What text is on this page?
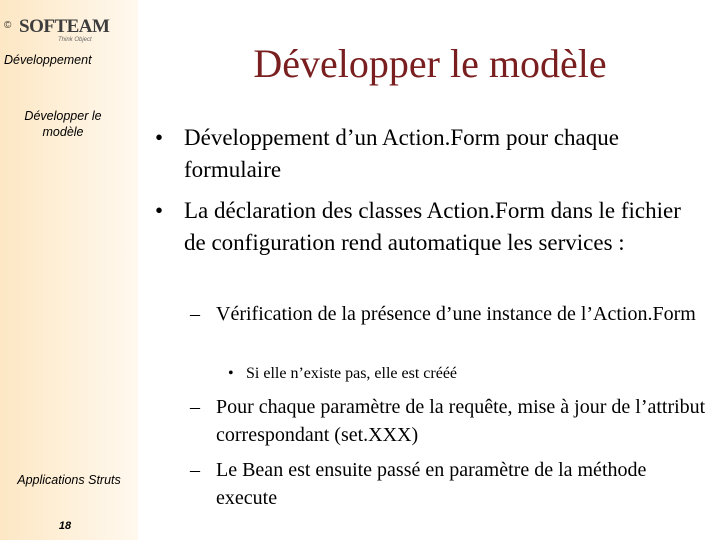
© SOFTEAM
Think Object
Développement
Développer le modèle
Applications Struts
18
Développer le modèle
• Développement d’un Action.Form pour chaque formulaire
• La déclaration des classes Action.Form dans le fichier de configuration rend automatique les services :
– Vérification de la présence d’une instance de l’Action.Form
• Si elle n’existe pas, elle est crééé
– Pour chaque paramètre de la requête, mise à jour de l’attribut correspondant (set.XXX)
– Le Bean est ensuite passé en paramètre de la méthode execute
